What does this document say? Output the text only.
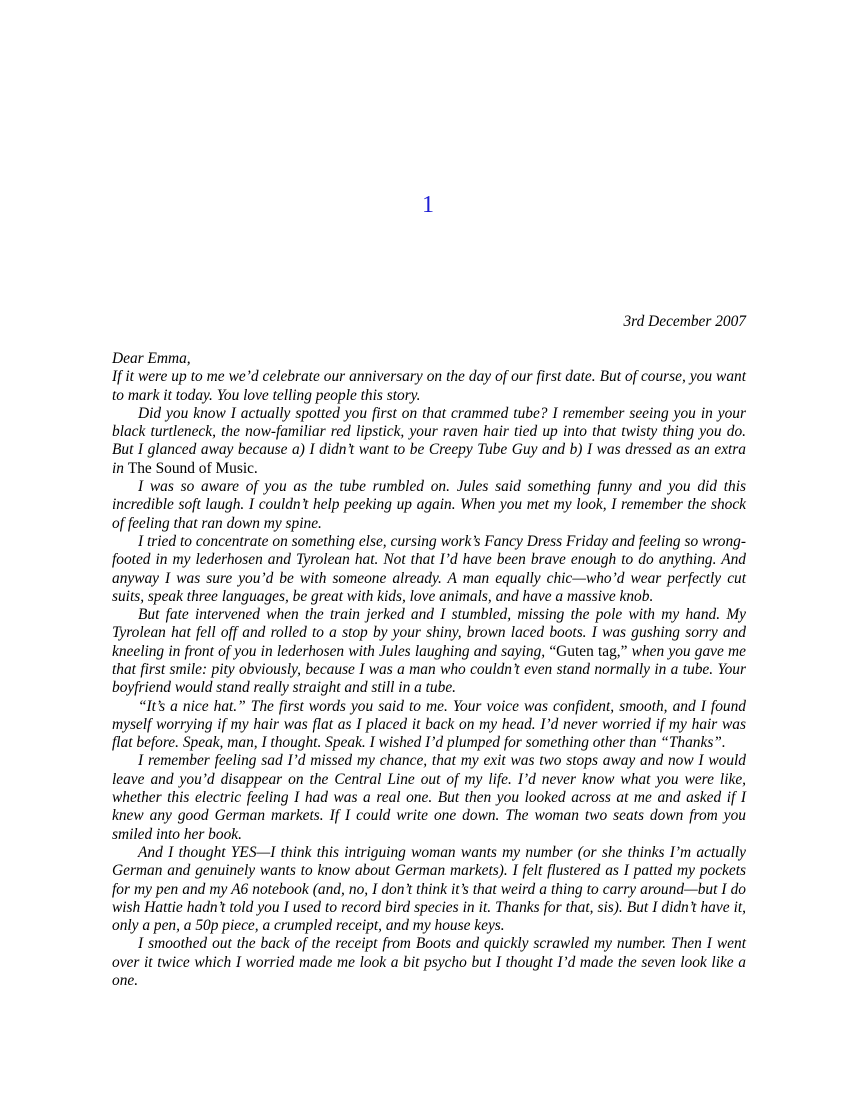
1
3rd December 2007

Dear Emma,

If it were up to me we’d celebrate our anniversary on the day of our first date. But of course, you want to mark it today. You love telling people this story.

Did you know I actually spotted you first on that crammed tube? I remember seeing you in your black turtleneck, the now-familiar red lipstick, your raven hair tied up into that twisty thing you do. But I glanced away because a) I didn’t want to be Creepy Tube Guy and b) I was dressed as an extra in The Sound of Music.

I was so aware of you as the tube rumbled on. Jules said something funny and you did this incredible soft laugh. I couldn’t help peeking up again. When you met my look, I remember the shock of feeling that ran down my spine.

I tried to concentrate on something else, cursing work’s Fancy Dress Friday and feeling so wrong-footed in my lederhosen and Tyrolean hat. Not that I’d have been brave enough to do anything. And anyway I was sure you’d be with someone already. A man equally chic—who’d wear perfectly cut suits, speak three languages, be great with kids, love animals, and have a massive knob.

But fate intervened when the train jerked and I stumbled, missing the pole with my hand. My Tyrolean hat fell off and rolled to a stop by your shiny, brown laced boots. I was gushing sorry and kneeling in front of you in lederhosen with Jules laughing and saying, “Guten tag,” when you gave me that first smile: pity obviously, because I was a man who couldn’t even stand normally in a tube. Your boyfriend would stand really straight and still in a tube.

“It’s a nice hat.” The first words you said to me. Your voice was confident, smooth, and I found myself worrying if my hair was flat as I placed it back on my head. I’d never worried if my hair was flat before. Speak, man, I thought. Speak. I wished I’d plumped for something other than “Thanks”.

I remember feeling sad I’d missed my chance, that my exit was two stops away and now I would leave and you’d disappear on the Central Line out of my life. I’d never know what you were like, whether this electric feeling I had was a real one. But then you looked across at me and asked if I knew any good German markets. If I could write one down. The woman two seats down from you smiled into her book.

And I thought YES—I think this intriguing woman wants my number (or she thinks I’m actually German and genuinely wants to know about German markets). I felt flustered as I patted my pockets for my pen and my A6 notebook (and, no, I don’t think it’s that weird a thing to carry around—but I do wish Hattie hadn’t told you I used to record bird species in it. Thanks for that, sis). But I didn’t have it, only a pen, a 50p piece, a crumpled receipt, and my house keys.

I smoothed out the back of the receipt from Boots and quickly scrawled my number. Then I went over it twice which I worried made me look a bit psycho but I thought I’d made the seven look like a one.
